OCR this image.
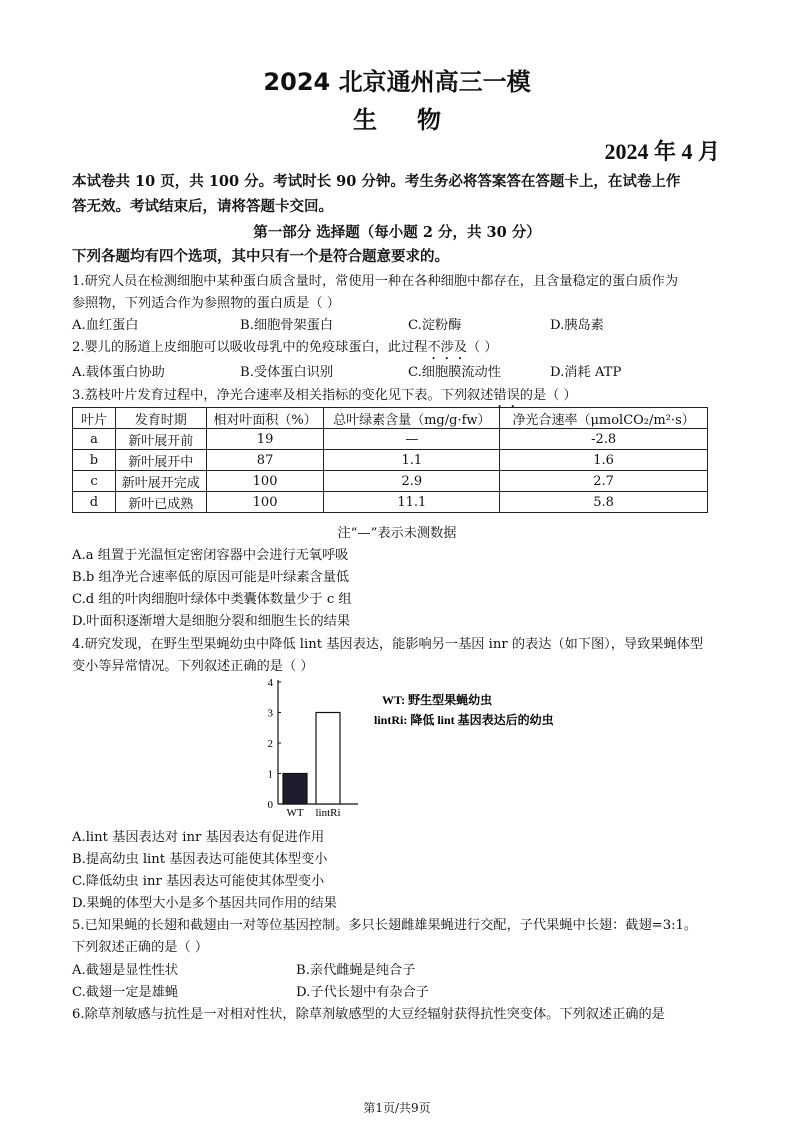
2024 北京通州高三一模
生物
2024 年 4 月
本试卷共 10 页，共 100 分。考试时长 90 分钟。考生务必将答案答在答题卡上，在试卷上作
答无效。考试结束后，请将答题卡交回。
第一部分 选择题（每小题 2 分，共 30 分）
下列各题均有四个选项，其中只有一个是符合题意要求的。
1.研究人员在检测细胞中某种蛋白质含量时，常使用一种在各种细胞中都存在，且含量稳定的蛋白质作为
参照物，下列适合作为参照物的蛋白质是（ ）
A.血红蛋白	B.细胞骨架蛋白	C.淀粉酶	D.胰岛素
2.婴儿的肠道上皮细胞可以吸收母乳中的免疫球蛋白，此过程不涉及（ ）
A.载体蛋白协助	B.受体蛋白识别	C.细胞膜流动性	D.消耗 ATP
3.荔枝叶片发育过程中，净光合速率及相关指标的变化见下表。下列叙述错误的是（ ）
叶片	发育时期	相对叶面积（%）	总叶绿素含量（mg/g·fw）	净光合速率（μmolCO₂/m²·s）
a	新叶展开前	19	—	-2.8
b	新叶展开中	87	1.1	1.6
c	新叶展开完成	100	2.9	2.7
d	新叶已成熟	100	11.1	5.8
注“—”表示未测数据
A.a 组置于光温恒定密闭容器中会进行无氧呼吸
B.b 组净光合速率低的原因可能是叶绿素含量低
C.d 组的叶肉细胞叶绿体中类囊体数量少于 c 组
D.叶面积逐渐增大是细胞分裂和细胞生长的结果
4.研究发现，在野生型果蝇幼虫中降低 lint 基因表达，能影响另一基因 inr 的表达（如下图），导致果蝇体型
变小等异常情况。下列叙述正确的是（ ）
0
1
2
3
4
WT lintRi
WT: 野生型果蝇幼虫
lintRi: 降低 lint 基因表达后的幼虫
A.lint 基因表达对 inr 基因表达有促进作用
B.提高幼虫 lint 基因表达可能使其体型变小
C.降低幼虫 inr 基因表达可能使其体型变小
D.果蝇的体型大小是多个基因共同作用的结果
5.已知果蝇的长翅和截翅由一对等位基因控制。多只长翅雌雄果蝇进行交配，子代果蝇中长翅：截翅=3:1。
下列叙述正确的是（ ）
A.截翅是显性性状	B.亲代雌蝇是纯合子
C.截翅一定是雄蝇	D.子代长翅中有杂合子
6.除草剂敏感与抗性是一对相对性状，除草剂敏感型的大豆经辐射获得抗性突变体。下列叙述正确的是
第1页/共9页
